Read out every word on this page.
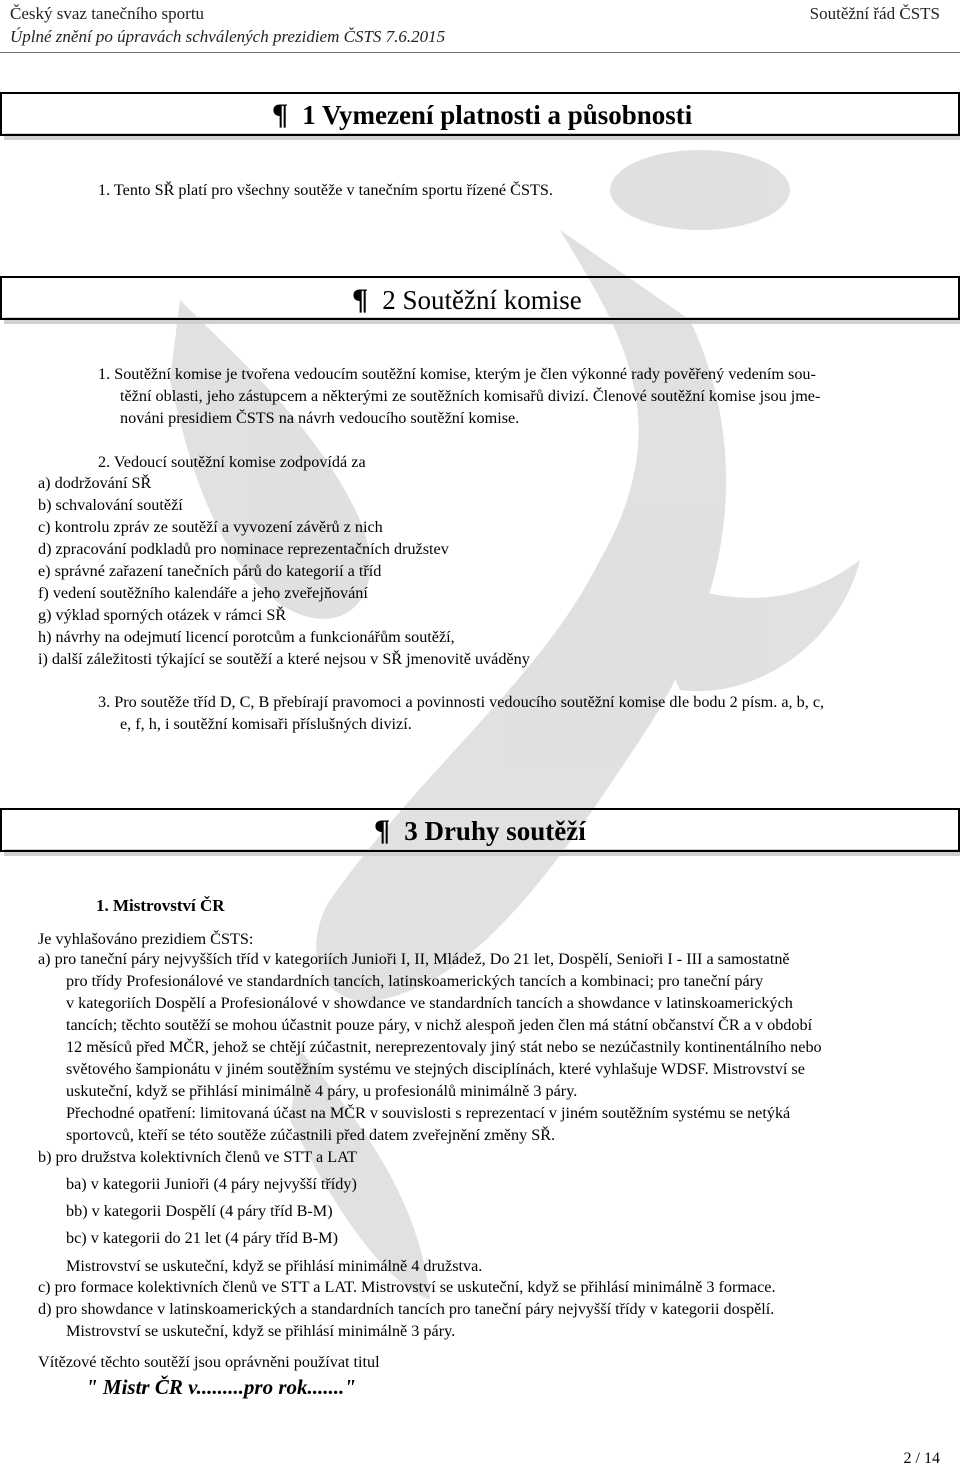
Český svaz tanečního sportu	Soutěžní řád ČSTS
Úplné znění po úpravách schválených prezidiem ČSTS 7.6.2015
¶ 1 Vymezení platnosti a působnosti
1. Tento SŘ platí pro všechny soutěže v tanečním sportu řízené ČSTS.
¶ 2 Soutěžní komise
1. Soutěžní komise je tvořena vedoucím soutěžní komise, kterým je člen výkonné rady pověřený vedením sou-
těžní oblasti, jeho zástupcem a některými ze soutěžních komisařů divizí. Členové soutěžní komise jsou jme-
nováni presidiem ČSTS na návrh vedoucího soutěžní komise.
2. Vedoucí soutěžní komise zodpovídá za
a) dodržování SŘ
b) schvalování soutěží
c) kontrolu zpráv ze soutěží a vyvození závěrů z nich
d) zpracování podkladů pro nominace reprezentačních družstev
e) správné zařazení tanečních párů do kategorií a tříd
f) vedení soutěžního kalendáře a jeho zveřejňování
g) výklad sporných otázek v rámci SŘ
h) návrhy na odejmutí licencí porotcům a funkcionářům soutěží,
i) další záležitosti týkající se soutěží a které nejsou v SŘ jmenovitě uváděny
3. Pro soutěže tříd D, C, B přebírají pravomoci a povinnosti vedoucího soutěžní komise dle bodu 2 písm. a, b, c,
e, f, h, i soutěžní komisaři příslušných divizí.
¶ 3 Druhy soutěží
1. Mistrovství ČR
Je vyhlašováno prezidiem ČSTS:
a) pro taneční páry nejvyšších tříd v kategoriích Junioři I, II, Mládež, Do 21 let, Dospělí, Senioři I - III a samostatně
pro třídy Profesionálové ve standardních tancích, latinskoamerických tancích a kombinaci; pro taneční páry
v kategoriích Dospělí a Profesionálové v showdance ve standardních tancích a showdance v latinskoamerických
tancích; těchto soutěží se mohou účastnit pouze páry, v nichž alespoň jeden člen má státní občanství ČR a v období
12 měsíců před MČR, jehož se chtějí zúčastnit, nereprezentovaly jiný stát nebo se nezúčastnily kontinentálního nebo
světového šampionátu v jiném soutěžním systému ve stejných disciplínách, které vyhlašuje WDSF. Mistrovství se
uskuteční, když se přihlásí minimálně 4 páry, u profesionálů minimálně 3 páry.
Přechodné opatření: limitovaná účast na MČR v souvislosti s reprezentací v jiném soutěžním systému se netýká
sportovců, kteří se této soutěže zúčastnili před datem zveřejnění změny SŘ.
b) pro družstva kolektivních členů ve STT a LAT
ba) v kategorii Junioři (4 páry nejvyšší třídy)
bb) v kategorii Dospělí (4 páry tříd B-M)
bc) v kategorii do 21 let (4 páry tříd B-M)
Mistrovství se uskuteční, když se přihlásí minimálně 4 družstva.
c) pro formace kolektivních členů ve STT a LAT. Mistrovství se uskuteční, když se přihlásí minimálně 3 formace.
d) pro showdance v latinskoamerických a standardních tancích pro taneční páry nejvyšší třídy v kategorii dospělí.
Mistrovství se uskuteční, když se přihlásí minimálně 3 páry.
Vítězové těchto soutěží jsou oprávněni používat titul
" Mistr ČR v.........pro rok......."
2 / 14
